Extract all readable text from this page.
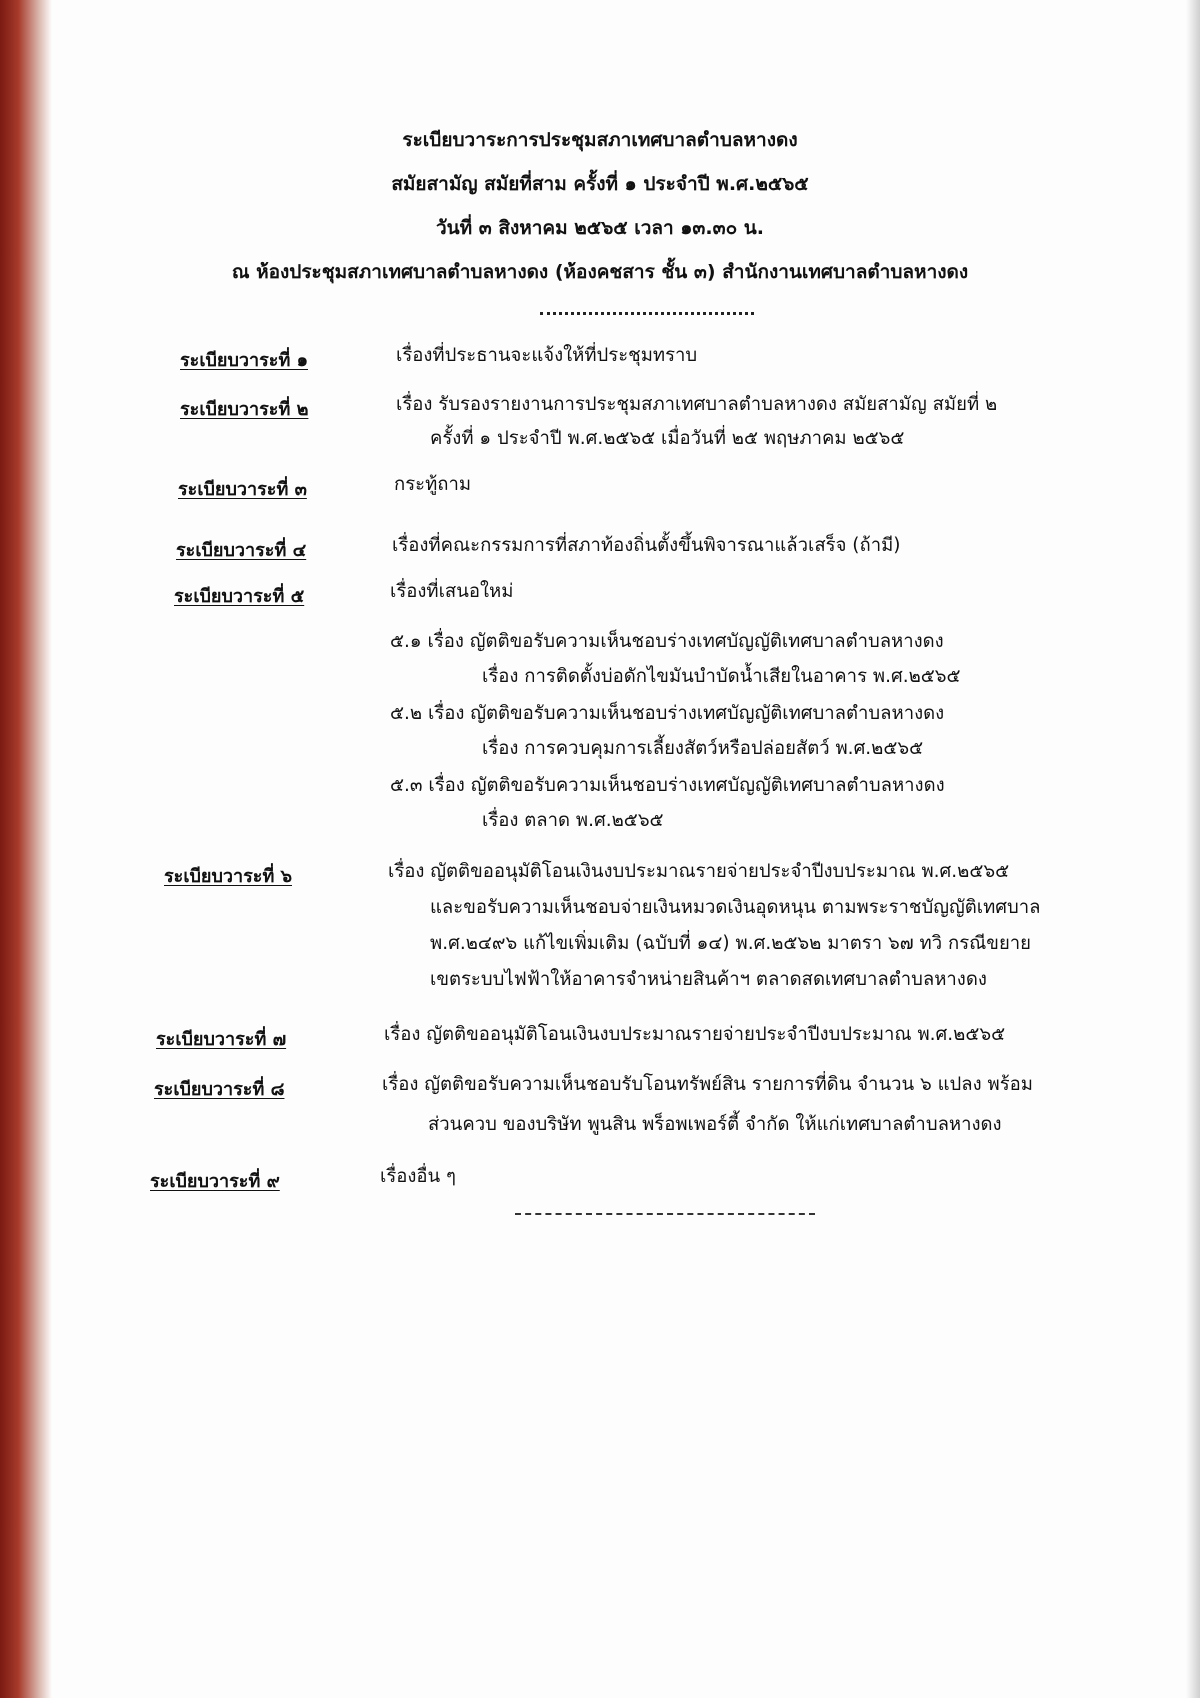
ระเบียบวาระการประชุมสภาเทศบาลตำบลหางดง
สมัยสามัญ สมัยที่สาม ครั้งที่ ๑ ประจำปี พ.ศ.๒๕๖๕
วันที่ ๓ สิงหาคม ๒๕๖๕ เวลา ๑๓.๓๐ น.
ณ ห้องประชุมสภาเทศบาลตำบลหางดง (ห้องคชสาร ชั้น ๓) สำนักงานเทศบาลตำบลหางดง
ระเบียบวาระที่ ๑	เรื่องที่ประธานจะแจ้งให้ที่ประชุมทราบ
ระเบียบวาระที่ ๒	เรื่อง รับรองรายงานการประชุมสภาเทศบาลตำบลหางดง สมัยสามัญ สมัยที่ ๒
ครั้งที่ ๑ ประจำปี พ.ศ.๒๕๖๕ เมื่อวันที่ ๒๕ พฤษภาคม ๒๕๖๕
ระเบียบวาระที่ ๓	กระทู้ถาม
ระเบียบวาระที่ ๔	เรื่องที่คณะกรรมการที่สภาท้องถิ่นตั้งขึ้นพิจารณาแล้วเสร็จ (ถ้ามี)
ระเบียบวาระที่ ๕	เรื่องที่เสนอใหม่
๕.๑ เรื่อง ญัตติขอรับความเห็นชอบร่างเทศบัญญัติเทศบาลตำบลหางดง
เรื่อง การติดตั้งบ่อดักไขมันบำบัดน้ำเสียในอาคาร พ.ศ.๒๕๖๕
๕.๒ เรื่อง ญัตติขอรับความเห็นชอบร่างเทศบัญญัติเทศบาลตำบลหางดง
เรื่อง การควบคุมการเลี้ยงสัตว์หรือปล่อยสัตว์ พ.ศ.๒๕๖๕
๕.๓ เรื่อง ญัตติขอรับความเห็นชอบร่างเทศบัญญัติเทศบาลตำบลหางดง
เรื่อง ตลาด พ.ศ.๒๕๖๕
ระเบียบวาระที่ ๖	เรื่อง ญัตติขออนุมัติโอนเงินงบประมาณรายจ่ายประจำปีงบประมาณ พ.ศ.๒๕๖๕
และขอรับความเห็นชอบจ่ายเงินหมวดเงินอุดหนุน ตามพระราชบัญญัติเทศบาล
พ.ศ.๒๔๙๖ แก้ไขเพิ่มเติม (ฉบับที่ ๑๔) พ.ศ.๒๕๖๒ มาตรา ๖๗ ทวิ กรณีขยาย
เขตระบบไฟฟ้าให้อาคารจำหน่ายสินค้าฯ ตลาดสดเทศบาลตำบลหางดง
ระเบียบวาระที่ ๗	เรื่อง ญัตติขออนุมัติโอนเงินงบประมาณรายจ่ายประจำปีงบประมาณ พ.ศ.๒๕๖๕
ระเบียบวาระที่ ๘	เรื่อง ญัตติขอรับความเห็นชอบรับโอนทรัพย์สิน รายการที่ดิน จำนวน ๖ แปลง พร้อม
ส่วนควบ ของบริษัท พูนสิน พร็อพเพอร์ตี้ จำกัด ให้แก่เทศบาลตำบลหางดง
ระเบียบวาระที่ ๙	เรื่องอื่น ๆ
